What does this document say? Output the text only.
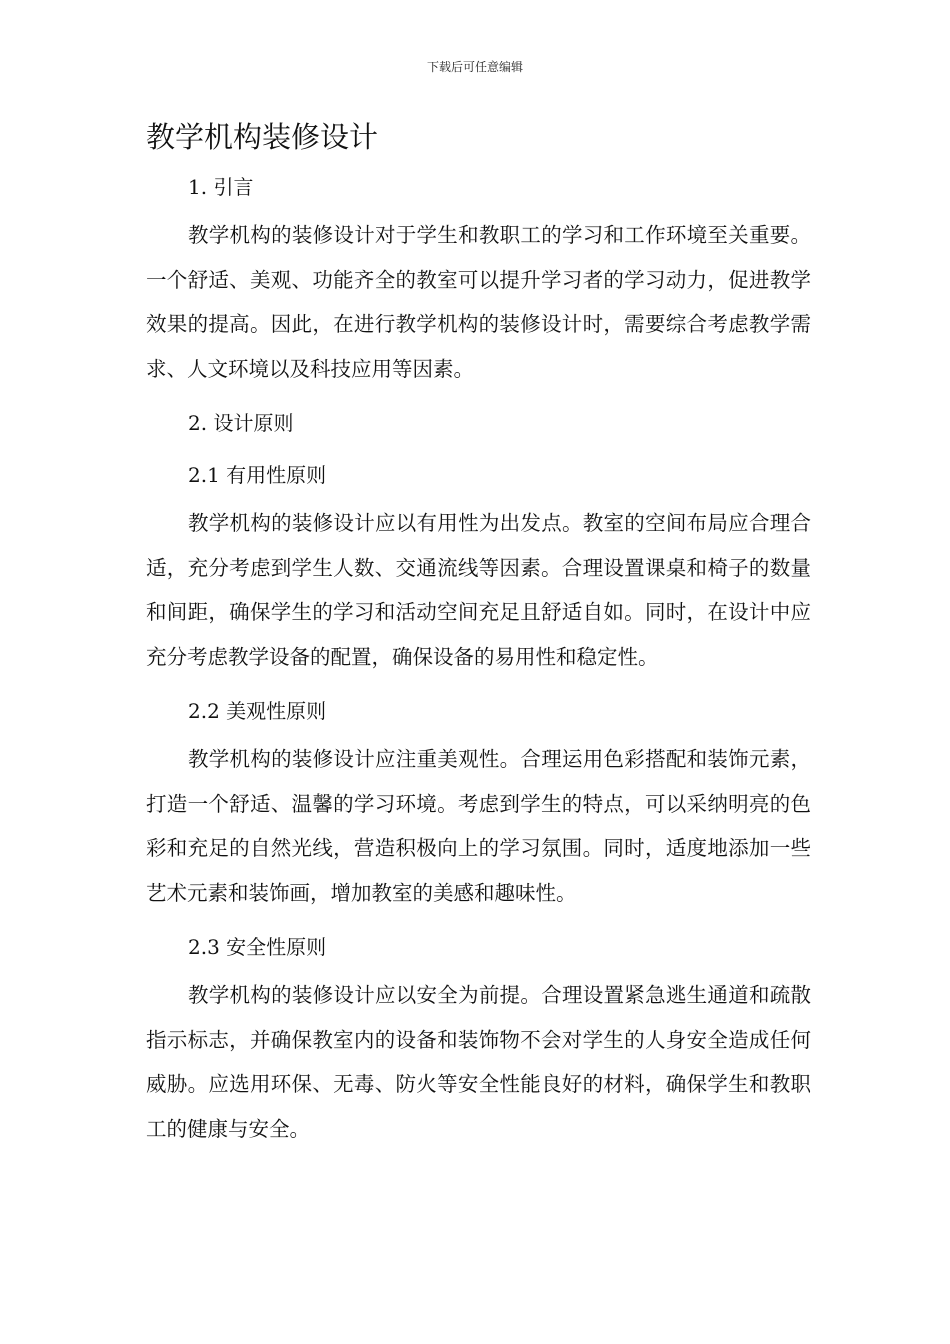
下载后可任意编辑
教学机构装修设计

1. 引言

教学机构的装修设计对于学生和教职工的学习和工作环境至关重要。一个舒适、美观、功能齐全的教室可以提升学习者的学习动力，促进教学效果的提高。因此，在进行教学机构的装修设计时，需要综合考虑教学需求、人文环境以及科技应用等因素。

2. 设计原则

2.1 有用性原则

教学机构的装修设计应以有用性为出发点。教室的空间布局应合理合适，充分考虑到学生人数、交通流线等因素。合理设置课桌和椅子的数量和间距，确保学生的学习和活动空间充足且舒适自如。同时，在设计中应充分考虑教学设备的配置，确保设备的易用性和稳定性。

2.2 美观性原则

教学机构的装修设计应注重美观性。合理运用色彩搭配和装饰元素，打造一个舒适、温馨的学习环境。考虑到学生的特点，可以采纳明亮的色彩和充足的自然光线，营造积极向上的学习氛围。同时，适度地添加一些艺术元素和装饰画，增加教室的美感和趣味性。

2.3 安全性原则

教学机构的装修设计应以安全为前提。合理设置紧急逃生通道和疏散指示标志，并确保教室内的设备和装饰物不会对学生的人身安全造成任何威胁。应选用环保、无毒、防火等安全性能良好的材料，确保学生和教职工的健康与安全。
